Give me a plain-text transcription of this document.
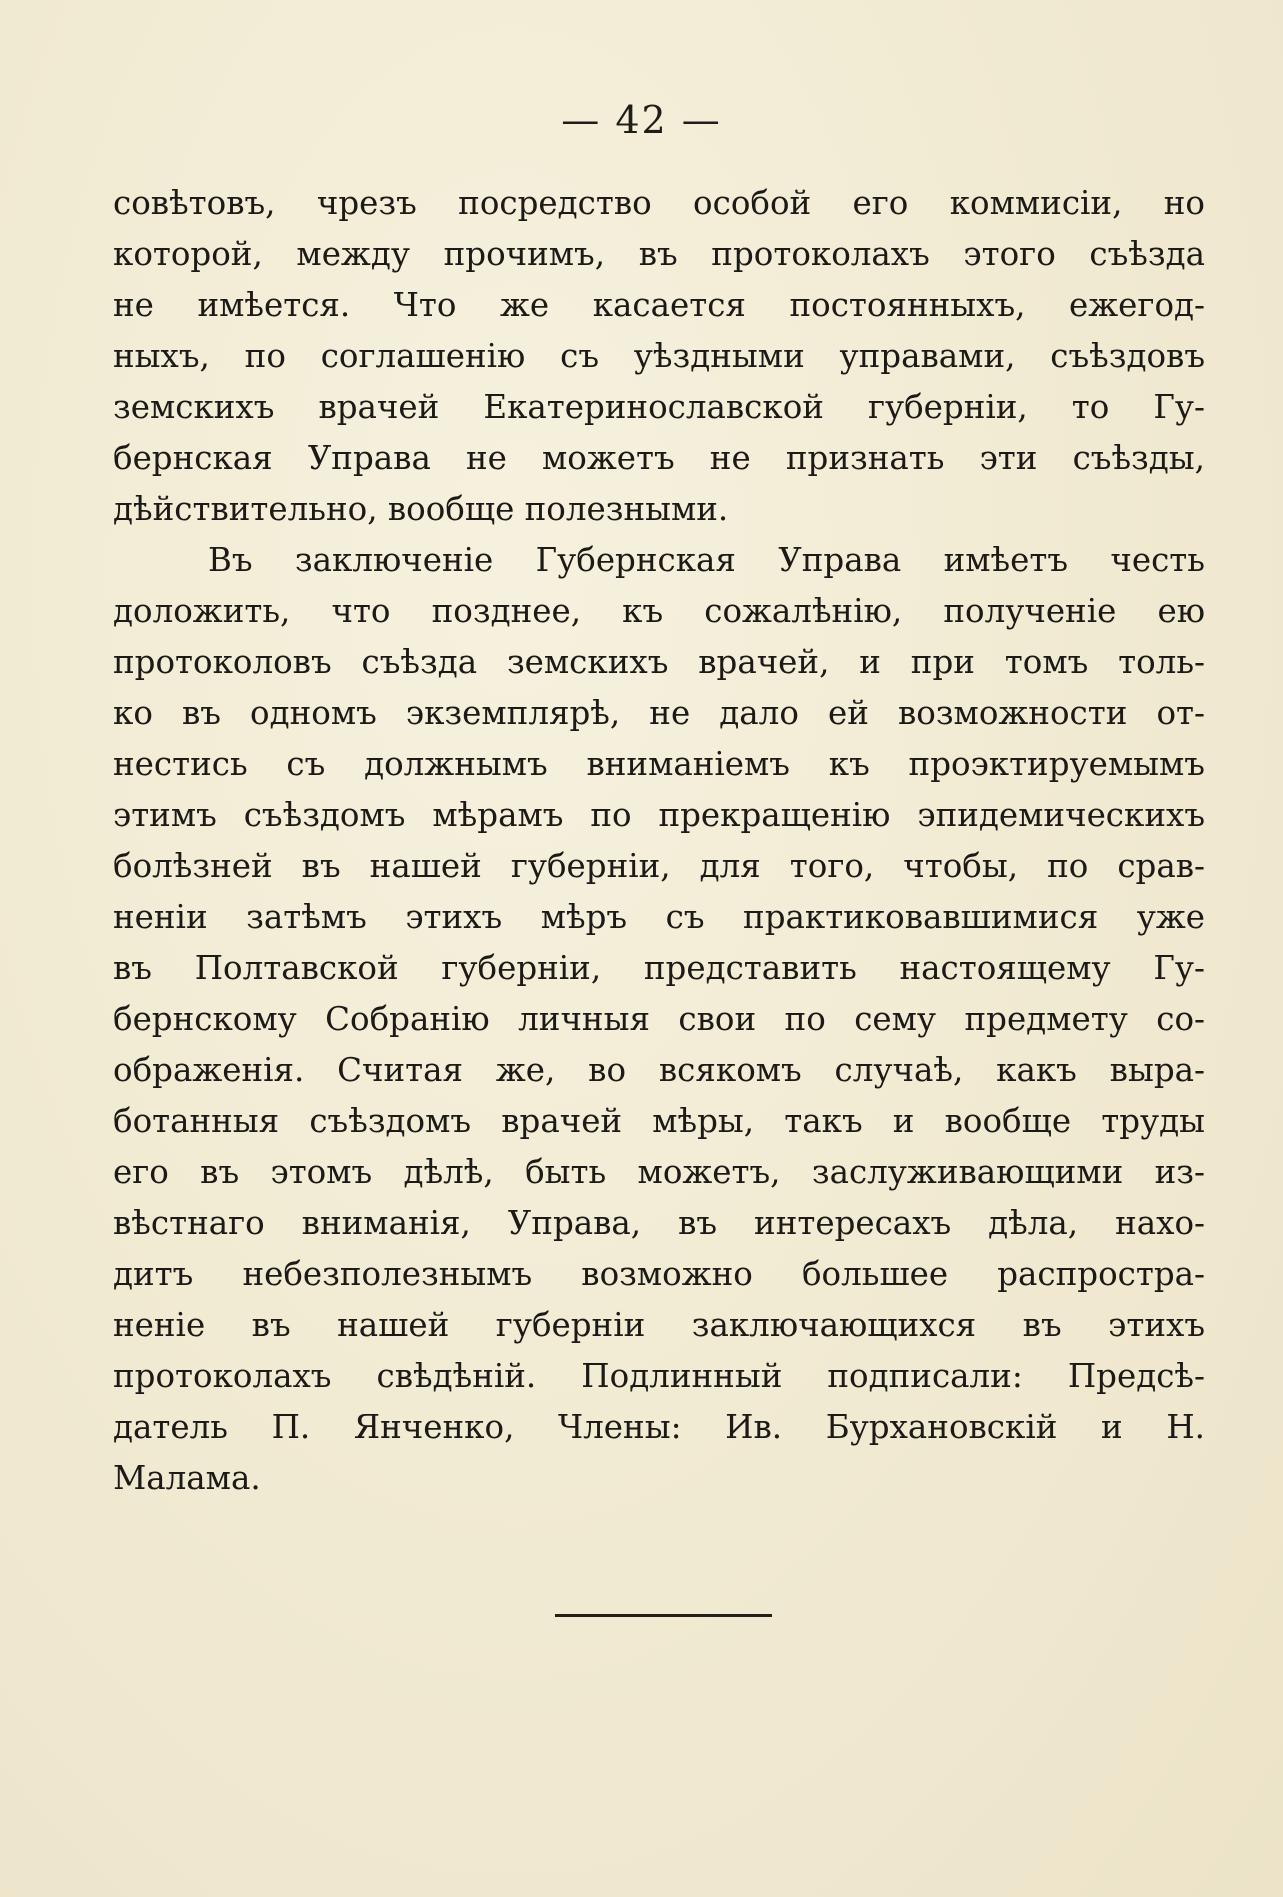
— 42 —
совѣтовъ, чрезъ посредство особой его коммисіи, но
которой, между прочимъ, въ протоколахъ этого съѣзда
не имѣется. Что же касается постоянныхъ, ежегод-
ныхъ, по соглашенію съ уѣздными управами, съѣздовъ
земскихъ врачей Екатеринославской губерніи, то Гу-
бернская Управа не можетъ не признать эти съѣзды,
дѣйствительно, вообще полезными.
Въ заключеніе Губернская Управа имѣетъ честь
доложить, что позднее, къ сожалѣнію, полученіе ею
протоколовъ съѣзда земскихъ врачей, и при томъ толь-
ко въ одномъ экземплярѣ, не дало ей возможности от-
нестись съ должнымъ вниманіемъ къ проэктируемымъ
этимъ съѣздомъ мѣрамъ по прекращенію эпидемическихъ
болѣзней въ нашей губерніи, для того, чтобы, по срав-
неніи затѣмъ этихъ мѣръ съ практиковавшимися уже
въ Полтавской губерніи, представить настоящему Гу-
бернскому Собранію личныя свои по сему предмету со-
ображенія. Считая же, во всякомъ случаѣ, какъ выра-
ботанныя съѣздомъ врачей мѣры, такъ и вообще труды
его въ этомъ дѣлѣ, быть можетъ, заслуживающими из-
вѣстнаго вниманія, Управа, въ интересахъ дѣла, нахо-
дитъ небезполезнымъ возможно большее распростра-
неніе въ нашей губерніи заключающихся въ этихъ
протоколахъ свѣдѣній. Подлинный подписали: Предсѣ-
датель П. Янченко, Члены: Ив. Бурхановскій и Н.
Малама.
